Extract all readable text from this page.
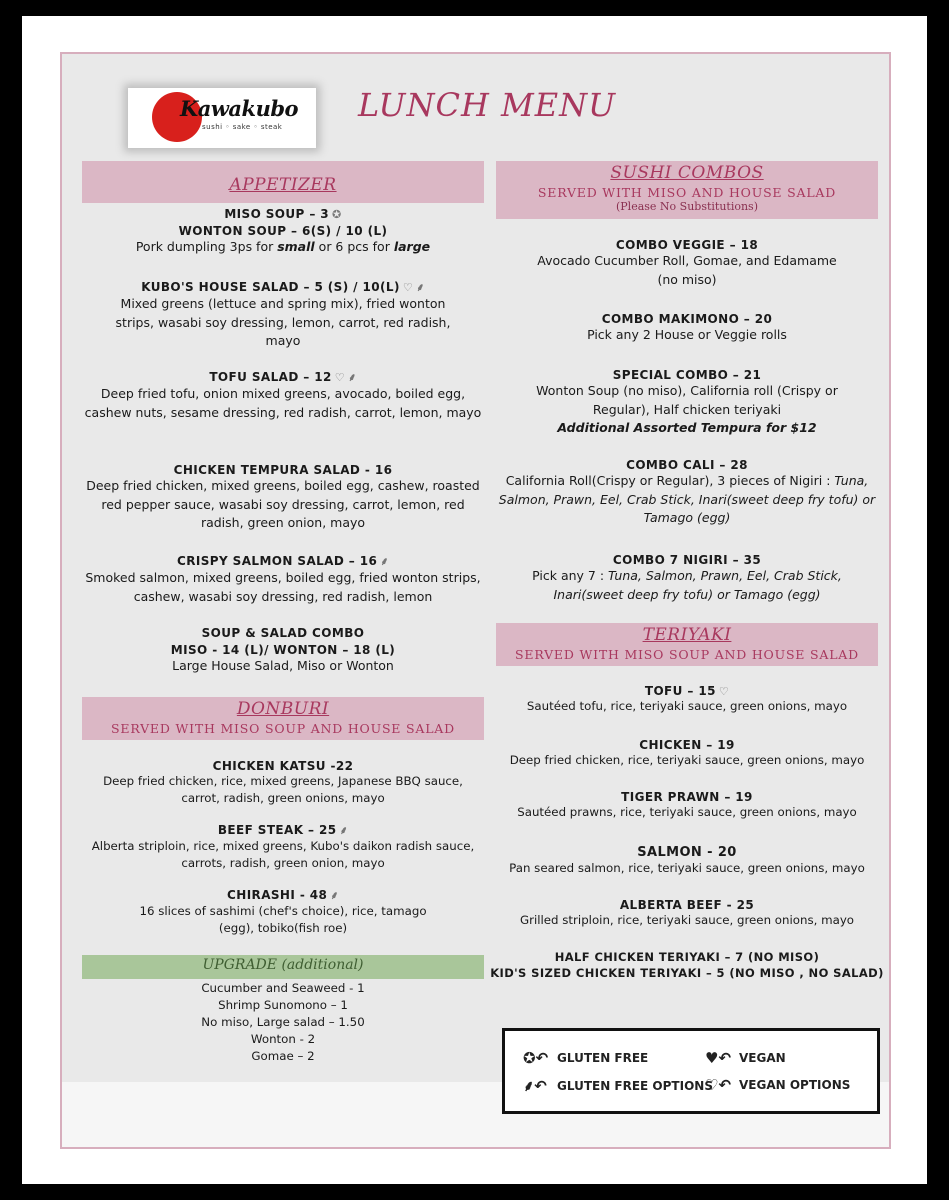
Kawakubo
sushi ◦ sake ◦ steak
LUNCH MENU
APPETIZER
MISO SOUP – 3 ✪
WONTON SOUP – 6(S) / 10 (L)
Pork dumpling 3ps for small or 6 pcs for large
KUBO'S HOUSE SALAD – 5 (S) / 10(L) ♡ ⸙
Mixed greens (lettuce and spring mix), fried wonton strips, wasabi soy dressing, lemon, carrot, red radish, mayo
TOFU SALAD – 12 ♡ ⸙
Deep fried tofu, onion mixed greens, avocado, boiled egg, cashew nuts, sesame dressing, red radish, carrot, lemon, mayo
CHICKEN TEMPURA SALAD - 16
Deep fried chicken, mixed greens, boiled egg, cashew, roasted red pepper sauce, wasabi soy dressing, carrot, lemon, red radish, green onion, mayo
CRISPY SALMON SALAD – 16 ⸙
Smoked salmon, mixed greens, boiled egg, fried wonton strips, cashew, wasabi soy dressing, red radish, lemon
SOUP & SALAD COMBO
MISO - 14 (L)/ WONTON – 18 (L)
Large House Salad, Miso or Wonton
DONBURI
SERVED WITH MISO SOUP AND HOUSE SALAD
CHICKEN KATSU -22
Deep fried chicken, rice, mixed greens, Japanese BBQ sauce, carrot, radish, green onions, mayo
BEEF STEAK – 25 ⸙
Alberta striploin, rice, mixed greens, Kubo's daikon radish sauce, carrots, radish, green onion, mayo
CHIRASHI - 48 ⸙
16 slices of sashimi (chef's choice), rice, tamago (egg), tobiko(fish roe)
UPGRADE (additional)
Cucumber and Seaweed - 1
Shrimp Sunomono – 1
No miso, Large salad – 1.50
Wonton - 2
Gomae – 2
SUSHI COMBOS
SERVED WITH MISO AND HOUSE SALAD
(Please No Substitutions)
COMBO VEGGIE – 18
Avocado Cucumber Roll, Gomae, and Edamame (no miso)
COMBO MAKIMONO – 20
Pick any 2 House or Veggie rolls
SPECIAL COMBO – 21
Wonton Soup (no miso), California roll (Crispy or Regular), Half chicken teriyaki
Additional Assorted Tempura for $12
COMBO CALI – 28
California Roll(Crispy or Regular), 3 pieces of Nigiri : Tuna, Salmon, Prawn, Eel, Crab Stick, Inari(sweet deep fry tofu) or Tamago (egg)
COMBO 7 NIGIRI – 35
Pick any 7 : Tuna, Salmon, Prawn, Eel, Crab Stick, Inari(sweet deep fry tofu) or Tamago (egg)
TERIYAKI
SERVED WITH MISO SOUP AND HOUSE SALAD
TOFU – 15 ♡
Sautéed tofu, rice, teriyaki sauce, green onions, mayo
CHICKEN – 19
Deep fried chicken, rice, teriyaki sauce, green onions, mayo
TIGER PRAWN – 19
Sautéed prawns, rice, teriyaki sauce, green onions, mayo
SALMON - 20
Pan seared salmon, rice, teriyaki sauce, green onions, mayo
ALBERTA BEEF - 25
Grilled striploin, rice, teriyaki sauce, green onions, mayo
HALF CHICKEN TERIYAKI – 7 (NO MISO)
KID'S SIZED CHICKEN TERIYAKI – 5 (NO MISO , NO SALAD)
✪↶ GLUTEN FREE
⸙↶ GLUTEN FREE OPTIONS
♥↶ VEGAN
♡↶ VEGAN OPTIONS
